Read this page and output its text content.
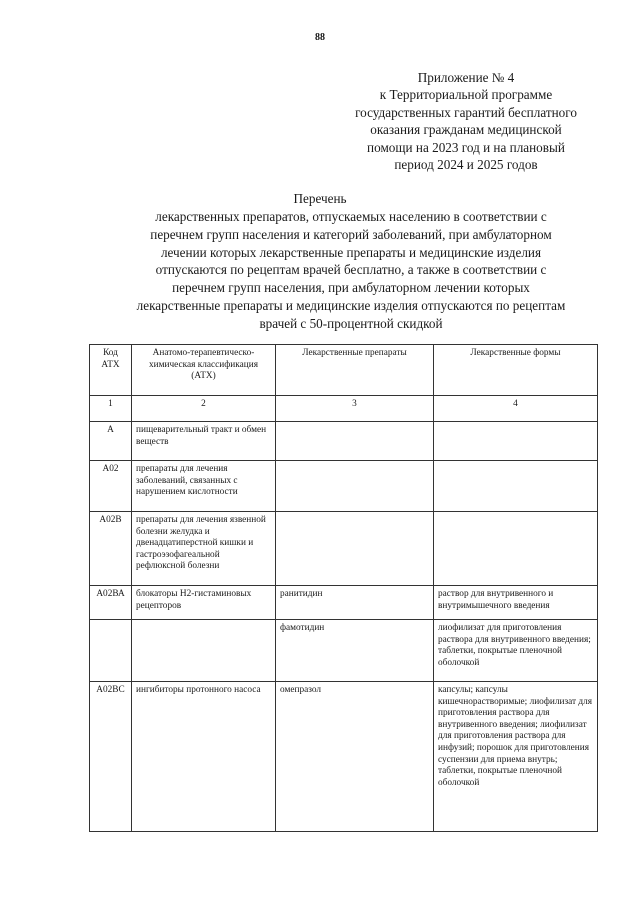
88
Приложение № 4
к Территориальной программе
государственных гарантий бесплатного
оказания гражданам медицинской
помощи на 2023 год и на плановый
период 2024 и 2025 годов
Перечень
лекарственных препаратов, отпускаемых населению в соответствии с
перечнем групп населения и категорий заболеваний, при амбулаторном
лечении которых лекарственные препараты и медицинские изделия
отпускаются по рецептам врачей бесплатно, а также в соответствии с
перечнем групп населения, при амбулаторном лечении которых
лекарственные препараты и медицинские изделия отпускаются по рецептам
врачей с 50-процентной скидкой
Код АТХ	Анатомо-терапевтическо-химическая классификация (АТХ)	Лекарственные препараты	Лекарственные формы
1	2	3	4
А	пищеварительный тракт и обмен веществ		
А02	препараты для лечения заболеваний, связанных с нарушением кислотности		
А02В	препараты для лечения язвенной болезни желудка и двенадцатиперстной кишки и гастроэзофагеальной рефлюксной болезни		
А02ВА	блокаторы Н2-гистаминовых рецепторов	ранитидин	раствор для внутривенного и внутримышечного введения
		фамотидин	лиофилизат для приготовления раствора для внутривенного введения; таблетки, покрытые пленочной оболочкой
А02ВС	ингибиторы протонного насоса	омепразол	капсулы; капсулы кишечнорастворимые; лиофилизат для приготовления раствора для внутривенного введения; лиофилизат для приготовления раствора для инфузий; порошок для приготовления суспензии для приема внутрь; таблетки, покрытые пленочной оболочкой
